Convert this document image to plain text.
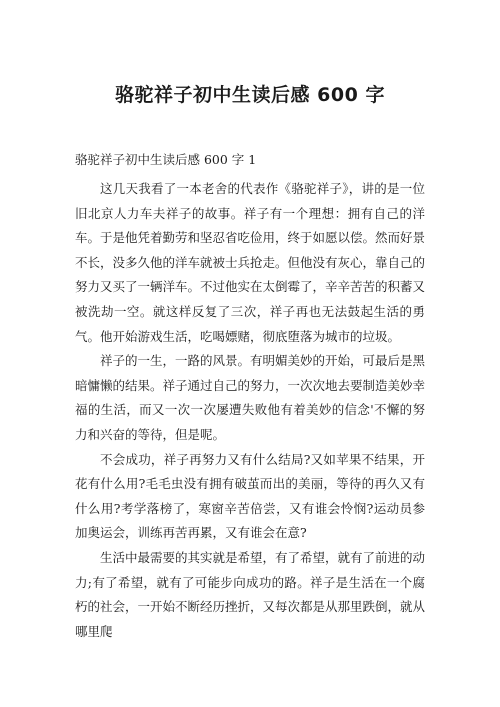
骆驼祥子初中生读后感 600 字

骆驼祥子初中生读后感 600 字 1

这几天我看了一本老舍的代表作《骆驼祥子》，讲的是一位旧北京人力车夫祥子的故事。祥子有一个理想：拥有自己的洋车。于是他凭着勤劳和坚忍省吃俭用，终于如愿以偿。然而好景不长，没多久他的洋车就被士兵抢走。但他没有灰心，靠自己的努力又买了一辆洋车。不过他实在太倒霉了，辛辛苦苦的积蓄又被洗劫一空。就这样反复了三次，祥子再也无法鼓起生活的勇气。他开始游戏生活，吃喝嫖赌，彻底堕落为城市的垃圾。

祥子的一生，一路的风景。有明媚美妙的开始，可最后是黑暗慵懒的结果。祥子通过自己的努力，一次次地去要制造美妙幸福的生活，而又一次一次屡遭失败他有着美妙的信念'不懈的努力和兴奋的等待，但是呢。

不会成功，祥子再努力又有什么结局?又如苹果不结果，开花有什么用?毛毛虫没有拥有破茧而出的美丽，等待的再久又有什么用?考学落榜了，寒窗辛苦倍尝，又有谁会怜悯?运动员参加奥运会，训练再苦再累，又有谁会在意?

生活中最需要的其实就是希望，有了希望，就有了前进的动力;有了希望，就有了可能步向成功的路。祥子是生活在一个腐朽的社会，一开始不断经历挫折，又每次都是从那里跌倒，就从哪里爬
